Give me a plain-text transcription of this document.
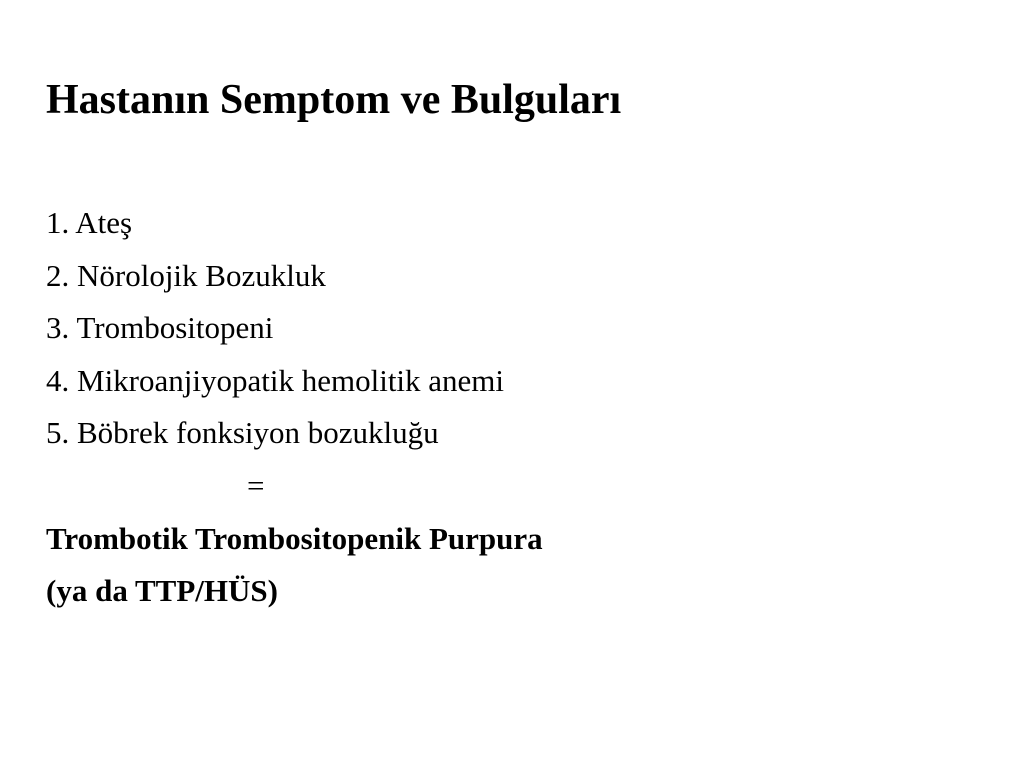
Hastanın Semptom ve Bulguları
1. Ateş
2. Nörolojik Bozukluk
3. Trombositopeni
4. Mikroanjiyopatik hemolitik anemi
5. Böbrek fonksiyon bozukluğu
=
Trombotik Trombositopenik Purpura
(ya da TTP/HÜS)
